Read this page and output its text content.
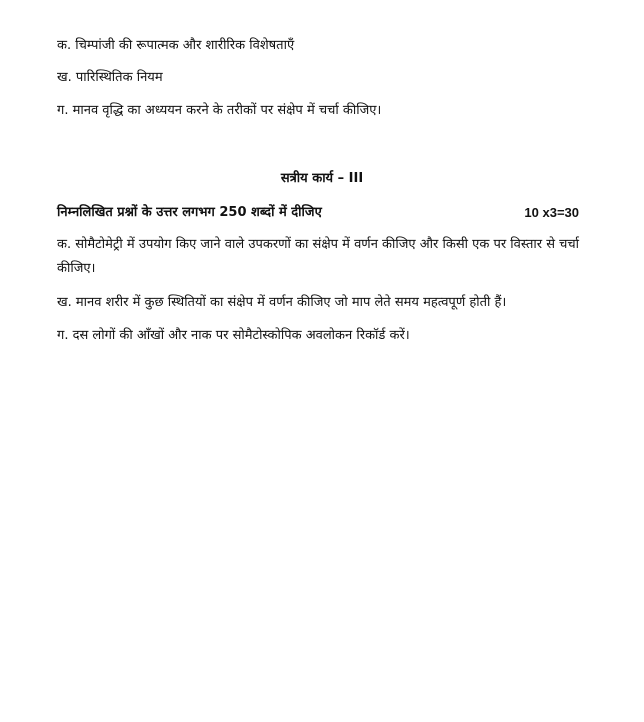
क. चिम्पांजी की रूपात्मक और शारीरिक विशेषताएँ
ख. पारिस्थितिक नियम
ग. मानव वृद्धि का अध्ययन करने के तरीकों पर संक्षेप में चर्चा कीजिए।
सत्रीय कार्य – III
निम्नलिखित प्रश्नों के उत्तर लगभग 250 शब्दों में दीजिए	10 x3=30
क. सोमैटोमेट्री में उपयोग किए जाने वाले उपकरणों का संक्षेप में वर्णन कीजिए और किसी एक पर विस्तार से चर्चा कीजिए।
ख. मानव शरीर में कुछ स्थितियों का संक्षेप में वर्णन कीजिए जो माप लेते समय महत्वपूर्ण होती हैं।
ग. दस लोगों की आँखों और नाक पर सोमैटोस्कोपिक अवलोकन रिकॉर्ड करें।
